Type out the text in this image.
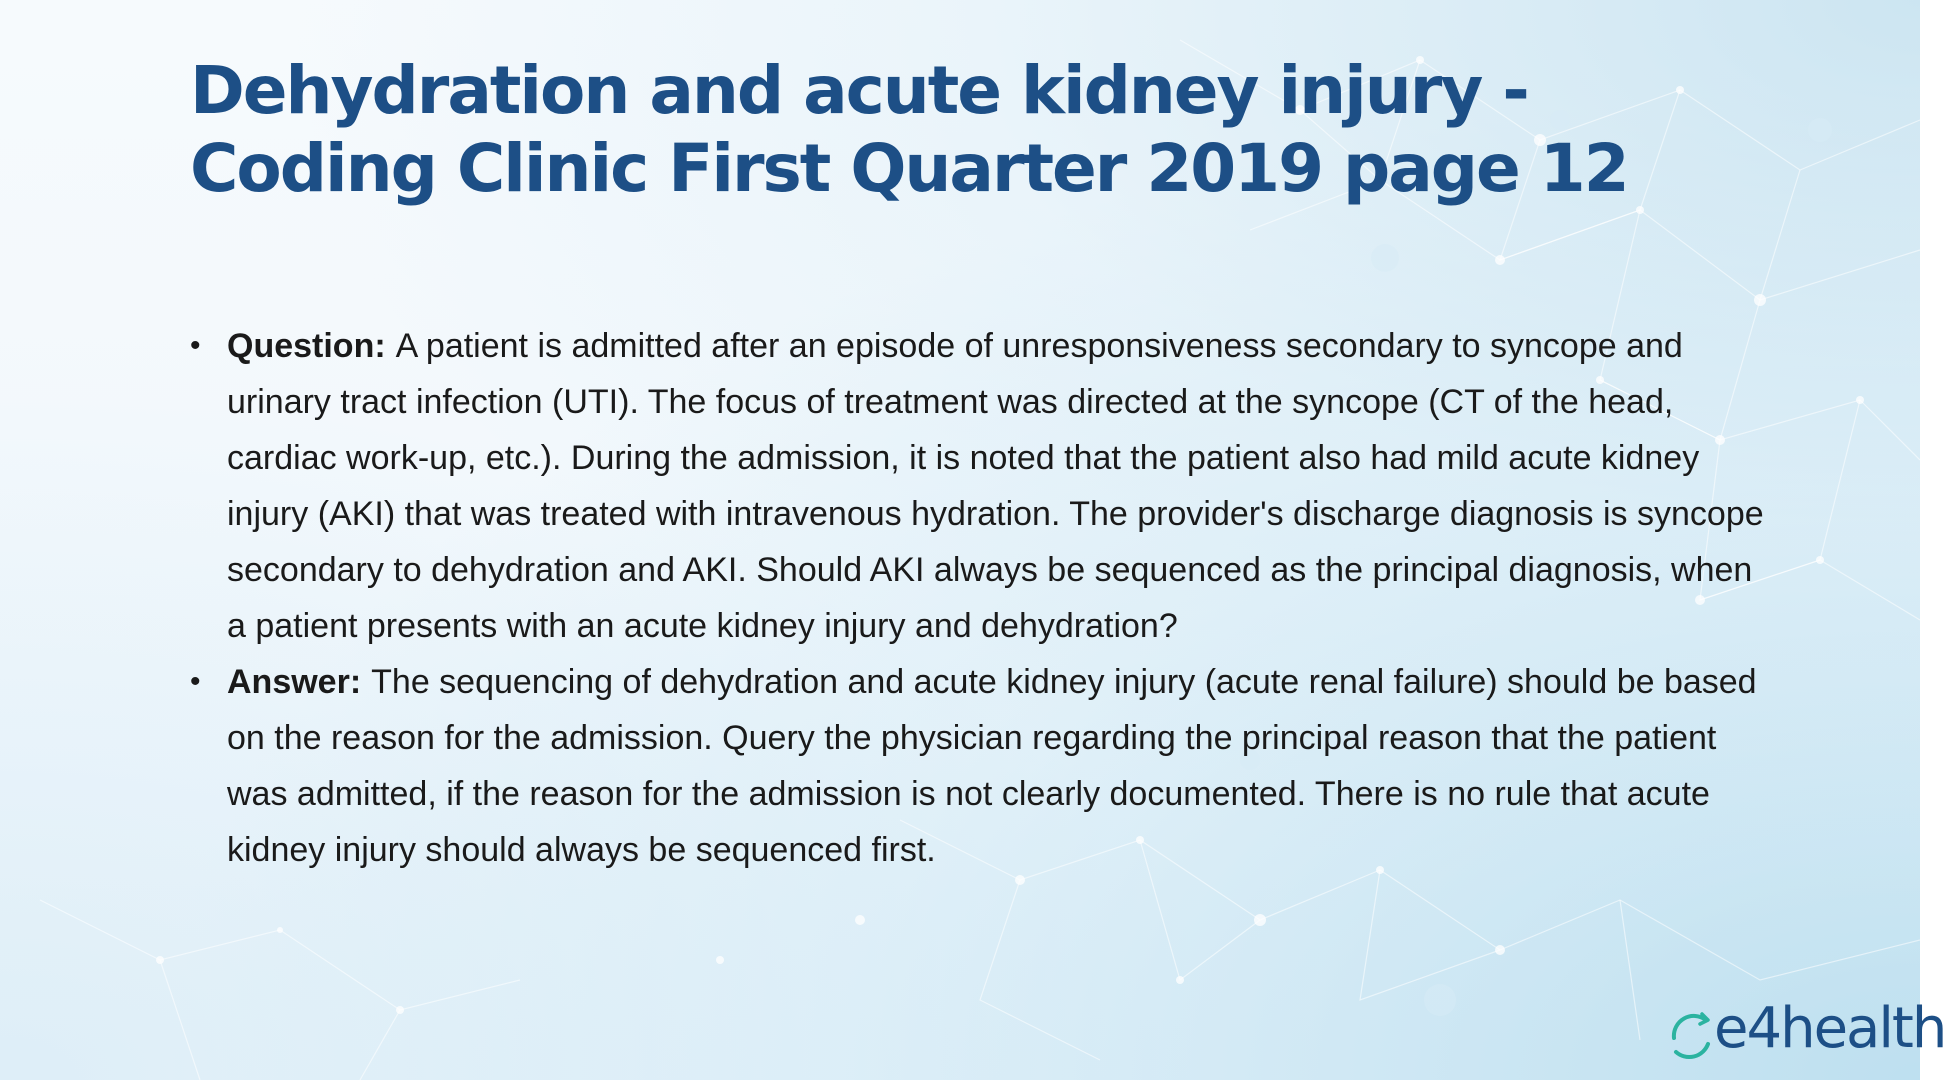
Dehydration and acute kidney injury - Coding Clinic First Quarter 2019 page 12
• Question: A patient is admitted after an episode of unresponsiveness secondary to syncope and urinary tract infection (UTI). The focus of treatment was directed at the syncope (CT of the head, cardiac work-up, etc.). During the admission, it is noted that the patient also had mild acute kidney injury (AKI) that was treated with intravenous hydration. The provider's discharge diagnosis is syncope secondary to dehydration and AKI. Should AKI always be sequenced as the principal diagnosis, when a patient presents with an acute kidney injury and dehydration?
• Answer: The sequencing of dehydration and acute kidney injury (acute renal failure) should be based on the reason for the admission. Query the physician regarding the principal reason that the patient was admitted, if the reason for the admission is not clearly documented. There is no rule that acute kidney injury should always be sequenced first.
e4health
